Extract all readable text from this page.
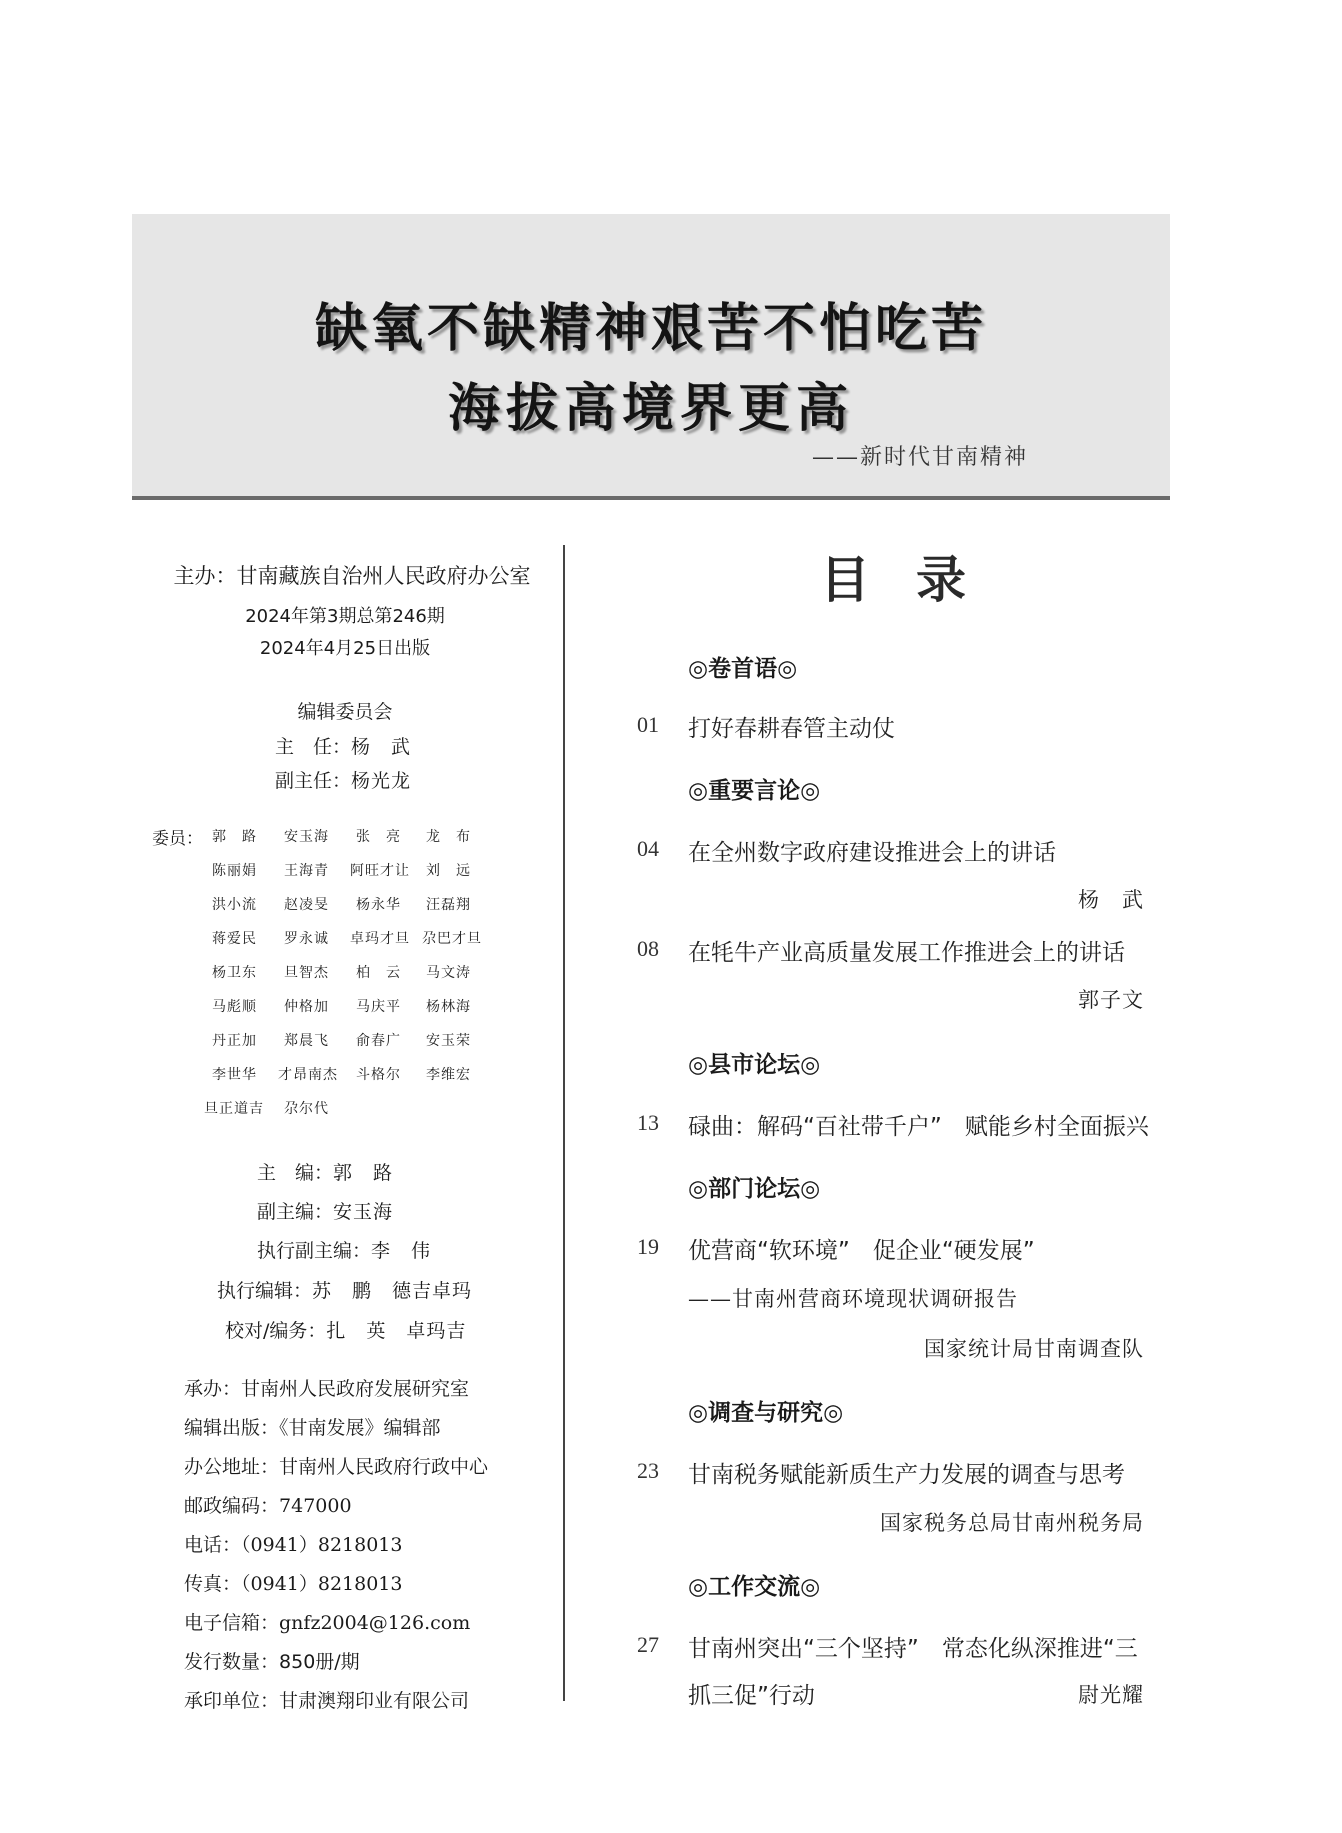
缺氧不缺精神艰苦不怕吃苦
海拔高境界更高
——新时代甘南精神
主办：甘南藏族自治州人民政府办公室
2024年第3期总第246期
2024年4月25日出版
编辑委员会
主　任：杨　武
副主任：杨光龙
委员： 郭　路 安玉海 张　亮 龙　布
陈丽娟 王海青 阿旺才让 刘　远
洪小流 赵凌旻 杨永华 汪磊翔
蒋爱民 罗永诚 卓玛才旦 尕巴才旦
杨卫东 旦智杰 柏　云 马文涛
马彪顺 仲格加 马庆平 杨林海
丹正加 郑晨飞 俞春广 安玉荣
李世华 才昂南杰 斗格尔 李维宏
旦正道吉 尕尔代
主　编：郭　路
副主编：安玉海
执行副主编：李　伟
执行编辑：苏　鹏　德吉卓玛
校对/编务：扎　英　卓玛吉
承办：甘南州人民政府发展研究室
编辑出版：《甘南发展》编辑部
办公地址：甘南州人民政府行政中心
邮政编码：747000
电话：（0941）8218013
传真：（0941）8218013
电子信箱：gnfz2004@126.com
发行数量：850册/期
承印单位：甘肃澳翔印业有限公司
目录
◎卷首语◎
01 打好春耕春管主动仗
◎重要言论◎
04 在全州数字政府建设推进会上的讲话
杨　武
08 在牦牛产业高质量发展工作推进会上的讲话
郭子文
◎县市论坛◎
13 碌曲：解码“百社带千户”　赋能乡村全面振兴
◎部门论坛◎
19 优营商“软环境”　促企业“硬发展”
——甘南州营商环境现状调研报告
国家统计局甘南调查队
◎调查与研究◎
23 甘南税务赋能新质生产力发展的调查与思考
国家税务总局甘南州税务局
◎工作交流◎
27 甘南州突出“三个坚持”　常态化纵深推进“三
抓三促”行动	尉光耀
